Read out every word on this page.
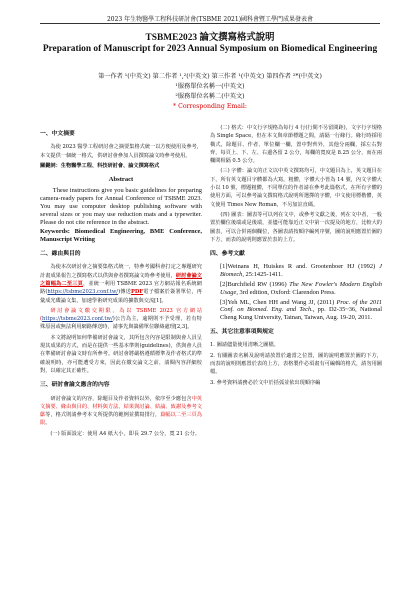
2023 年生物醫學工程科技研討會(TSBME 2021)國科會暨工學門成果發表會
TSBME2023 論文撰寫格式說明
Preparation of Manuscript for 2023 Annual Symposium on Biomedical Engineering
第一作者 ¹(中英文) 第二作者 ¹,²(中英文) 第三作者 ¹(中英文) 第四作者 ²*(中英文)
¹服務單位名稱一(中英文)
²服務單位名稱二(中英文)
* Corresponding Email:
一、中文摘要

為使 2023 醫學工程研討會之摘要集格式統一以方便使用及參考，本文提供一個統一格式，供研討會參加人員撰寫論文時參考使用。

關鍵詞：生物醫學工程、科技研討會、論文撰寫格式

Abstract

These instructions give you basic guidelines for preparing camera-ready papers for Annual Conference of TSBME 2023. You may use computer desktop publishing software with several sizes or you may use reduction mats and a typewriter. Please do not cite reference in the abstract.

Keywords: Biomedical Engineering, BME Conference, Manuscript Writing

二、緣由與目的

為使本次研討會之摘要集格式統一，特參考國科會打定之專題研究計畫成果報告之撰寫格式以供與會者撰寫論文時參考使用，研討會論文之篇幅為二至三頁，並統一利用 TSBME 2023 官方網站報名系統網路(https://tsbme2023.conf.tw/)傳送PDF電子檔案於簽署單位，再彙成光碟論文集，加速學術研究成果的擴散與交流[1]。

研討會論文繳交期限，為以 TSBME 2023 官方網站(https://tsbme2023.conf.tw/)公告為主，逾期則不予受理，若有特殊原因或無法利用網路傳送時，請事先與籌備單位聯絡處理[2,3]。

本文將說明如何準備研討會論文，其所包含內容是限制與會人員呈現其成果的方式，而是在提供一些基本準則(guidelines)，供與會人員在準備研討會論文時有所參考。研討會將嚴格遵循標準及作者格式的準確說明時，亦可能遭受方來，因此在繳交論文之前，請閱內容詳細校對，以確定其正確性。

三、研討會論文應含的內容

研討會論文的內容，除題目及作者資料以外，依序至少應包含中英文摘要、緣由與目的、材料與方法、結果與討論、結論、致謝及參考文獻等，格式則請參考本文所提供的範例並撰寫排行，篇幅以二至三頁為限。

(一) 版面設定：使用 A4 紙大小，即長 29.7 公分，寬 21 公分。

(二) 格式：中文行字規格為每行 4 行(行間不另留間距)，文字行字規格為 Single Space，但在本文與章節標題之間，請隔一行緣行。緣行時採用橫式，除題目、作者、單位欄一欄，置中對齊外，其他分兩欄，採左右對齊，每頁上、下、左、右邊各留 2 公分，每欄的寬度是 8.25 公分，而在兩欄間相隔 0.5 公分。

(三) 字體：論文的正文以中英文撰寫均可，中文題目為上，英文題目在下，所有英文題目字體都為大寫，粗體，字體大小皆為 14 號，內文字體大小以 10 號，標題粗體，不同單位的作者請在參考此篇格式，在所有字體的使用方面，可以參考論文撰寫格式說明所選擇的字體，中文使用標楷體，英文使用 Times New Roman，不另加註直碼。

(四) 圖表：圖表等可以列在文中，或參考文獻之後，列在文中者，一般置於欄位後端或是後端，並儘可能靠近正文中第一次提及的地方，比較大的圖表，可以合併兩個欄位，各圖表請按順序編列序號，圖的說明應置於圖的下方，而表的說明則應置於表的上方。

四、參考文獻

[1]Weinans H, Huiskes R and. Grootenboer HJ (1992) J Biomech, 25:1425-1411.

[2]Burchfield RW (1996) The New Fowler's Modern English Usage, 3rd edition, Oxford: Clarendon Press.

[3]Yeh ML, Chen HH and Wang JJ, (2011) Proc. of the 2011 Conf. on Biomed. Eng. and Tech., pp. D2-35~36, National Cheng Kung University, Tainan, Taiwan, Aug. 19-20, 2011.

五、其它注意事項與規定

1. 圖請儘量使用清晰之圖檔。

2. 有關圖表名稱及說明請放置於適當之位置，圖的說明應置於圖的下方，而表的說明則應置於表的上方，表格製作必須畫有可編輯的格式，請勿用圖檔。

3. 參考資料請務必於文中於括弧並依出現順序編
